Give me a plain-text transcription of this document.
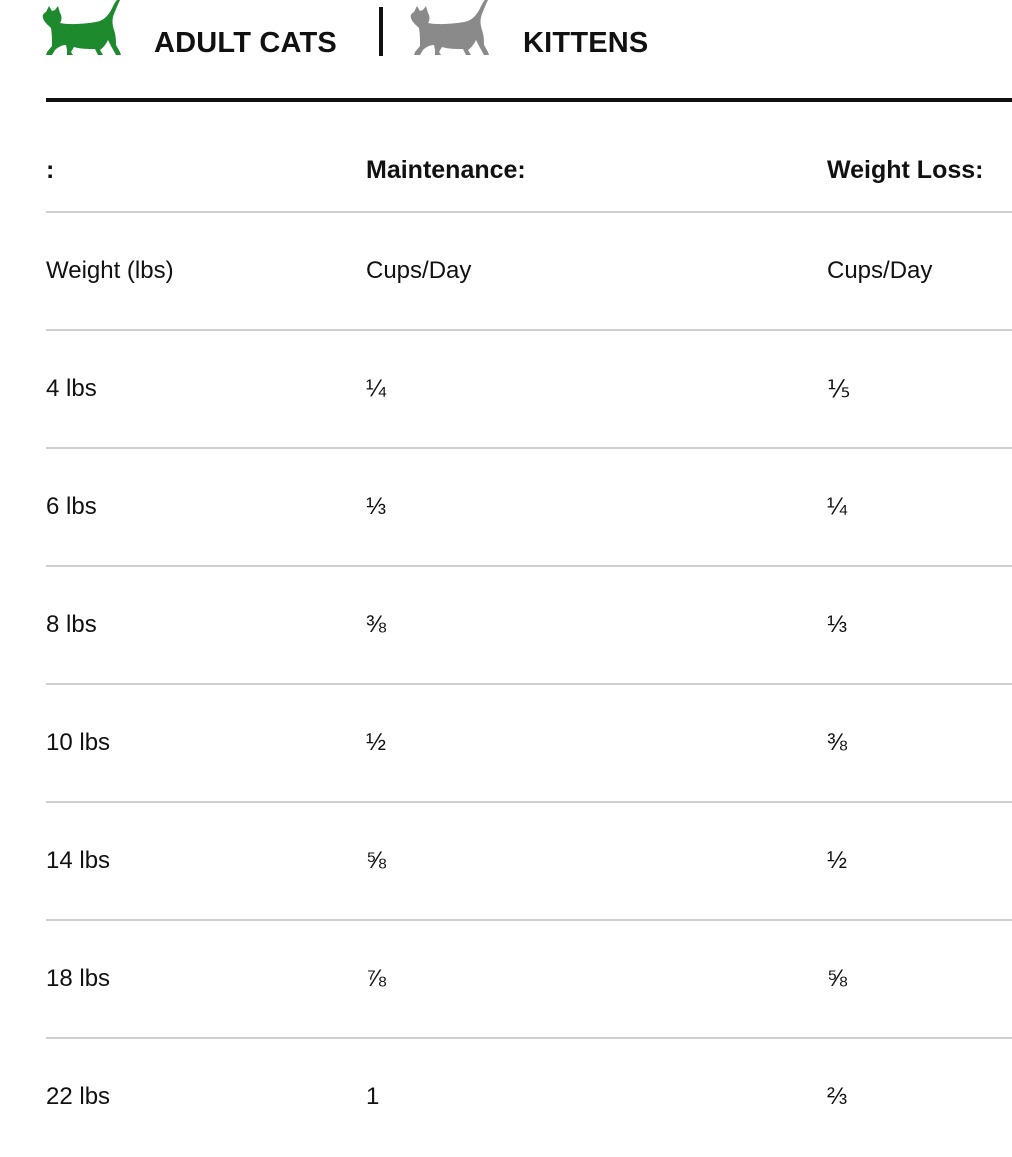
ADULT CATS	KITTENS
:	Maintenance:	Weight Loss:
Weight (lbs)	Cups/Day	Cups/Day
4 lbs	¼	⅕
6 lbs	⅓	¼
8 lbs	⅜	⅓
10 lbs	½	⅜
14 lbs	⅝	½
18 lbs	⅞	⅝
22 lbs	1	⅔
